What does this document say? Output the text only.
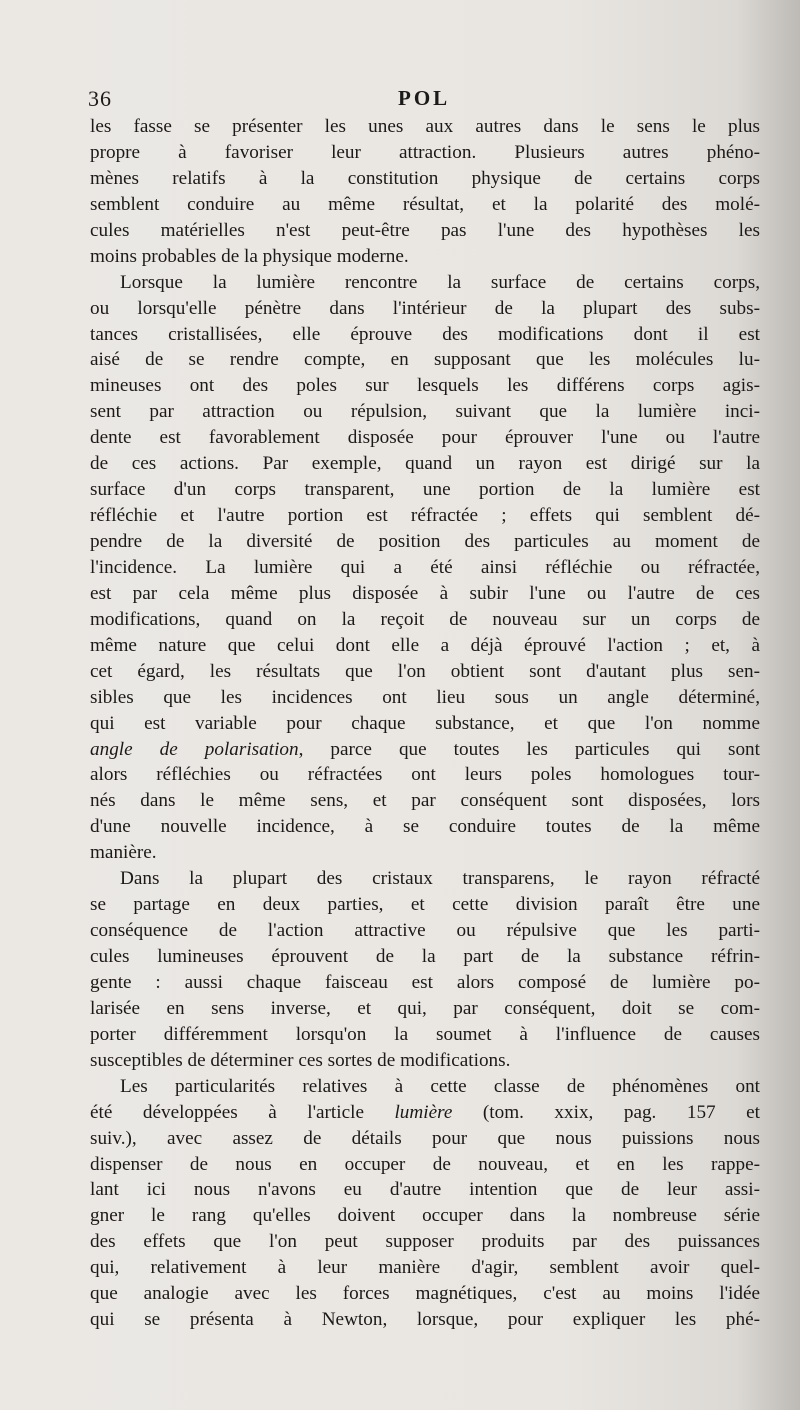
36	POL
les fasse se présenter les unes aux autres dans le sens le plus
propre à favoriser leur attraction. Plusieurs autres phéno-
mènes relatifs à la constitution physique de certains corps
semblent conduire au même résultat, et la polarité des molé-
cules matérielles n'est peut-être pas l'une des hypothèses les
moins probables de la physique moderne.
Lorsque la lumière rencontre la surface de certains corps,
ou lorsqu'elle pénètre dans l'intérieur de la plupart des subs-
tances cristallisées, elle éprouve des modifications dont il est
aisé de se rendre compte, en supposant que les molécules lu-
mineuses ont des poles sur lesquels les différens corps agis-
sent par attraction ou répulsion, suivant que la lumière inci-
dente est favorablement disposée pour éprouver l'une ou l'autre
de ces actions. Par exemple, quand un rayon est dirigé sur la
surface d'un corps transparent, une portion de la lumière est
réfléchie et l'autre portion est réfractée ; effets qui semblent dé-
pendre de la diversité de position des particules au moment de
l'incidence. La lumière qui a été ainsi réfléchie ou réfractée,
est par cela même plus disposée à subir l'une ou l'autre de ces
modifications, quand on la reçoit de nouveau sur un corps de
même nature que celui dont elle a déjà éprouvé l'action ; et, à
cet égard, les résultats que l'on obtient sont d'autant plus sen-
sibles que les incidences ont lieu sous un angle déterminé,
qui est variable pour chaque substance, et que l'on nomme
angle de polarisation, parce que toutes les particules qui sont
alors réfléchies ou réfractées ont leurs poles homologues tour-
nés dans le même sens, et par conséquent sont disposées, lors
d'une nouvelle incidence, à se conduire toutes de la même
manière.
Dans la plupart des cristaux transparens, le rayon réfracté
se partage en deux parties, et cette division paraît être une
conséquence de l'action attractive ou répulsive que les parti-
cules lumineuses éprouvent de la part de la substance réfrin-
gente : aussi chaque faisceau est alors composé de lumière po-
larisée en sens inverse, et qui, par conséquent, doit se com-
porter différemment lorsqu'on la soumet à l'influence de causes
susceptibles de déterminer ces sortes de modifications.
Les particularités relatives à cette classe de phénomènes ont
été développées à l'article lumière (tom. xxix, pag. 157 et
suiv.), avec assez de détails pour que nous puissions nous
dispenser de nous en occuper de nouveau, et en les rappe-
lant ici nous n'avons eu d'autre intention que de leur assi-
gner le rang qu'elles doivent occuper dans la nombreuse série
des effets que l'on peut supposer produits par des puissances
qui, relativement à leur manière d'agir, semblent avoir quel-
que analogie avec les forces magnétiques, c'est au moins l'idée
qui se présenta à Newton, lorsque, pour expliquer les phé-
